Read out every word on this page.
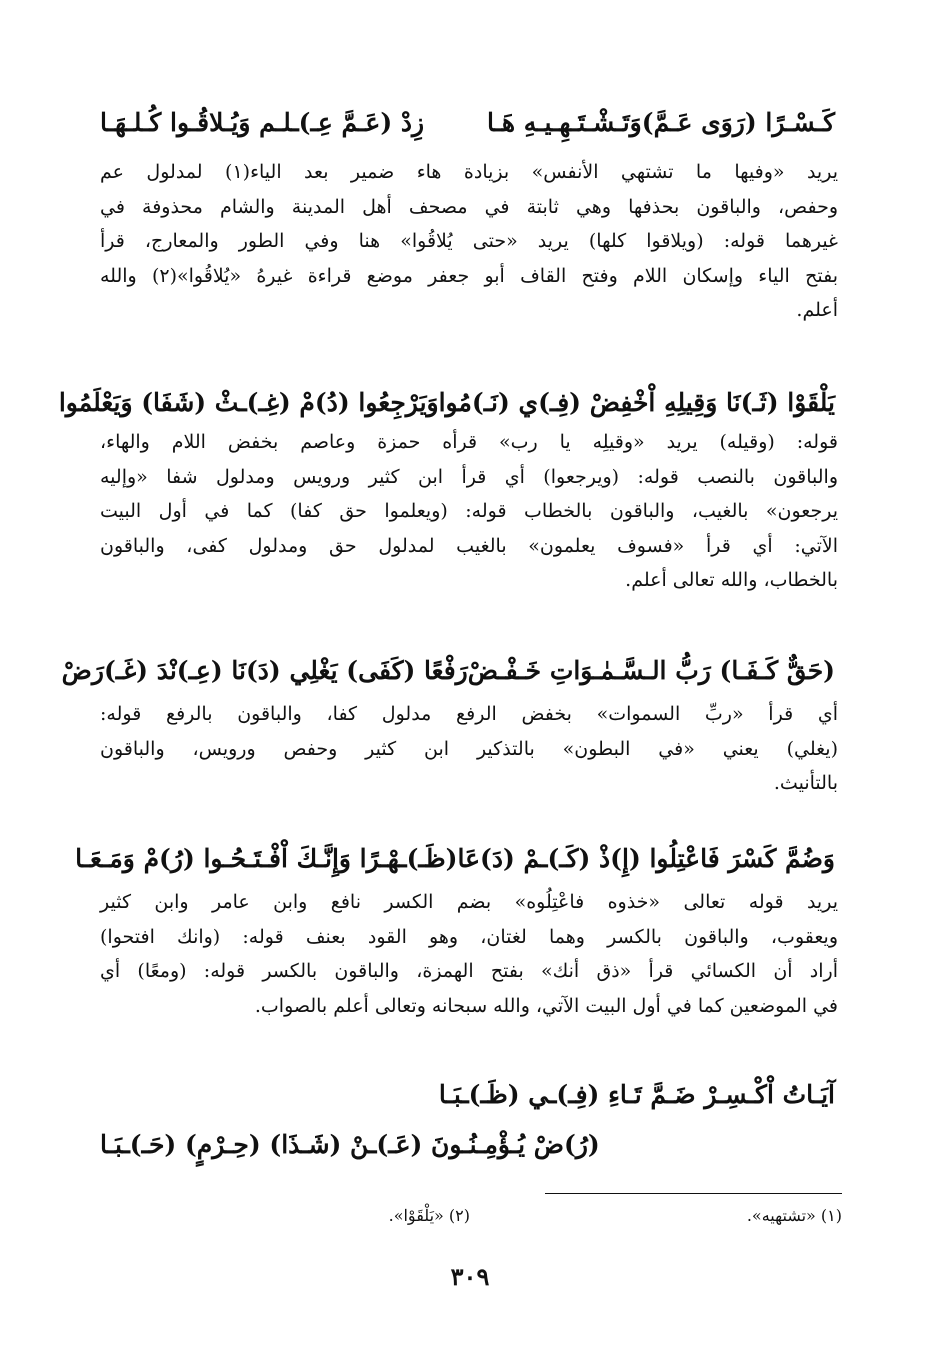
كَـسْـرًا (رَوَى عَـمَّ)وَتَـشْـتَـهِـيـهِ هَـا
زِدْ (عَـمَّ عِـ)ـلـم وَيُـلاقُـوا كُـلـهَـا
يريد «وفيها ما تشتهي الأنفس» بزيادة هاء ضمير بعد الياء(١) لمدلول عم
وحفص، والباقون بحذفها وهي ثابتة في مصحف أهل المدينة والشام محذوفة في
غيرهما قوله: (ويلاقوا كلها) يريد «حتى يُلاقُوا» هنا وفي الطور والمعارج، قرأ
بفتح الياء وإسكان اللام وفتح القاف أبو جعفر موضع قراءة غيرهُ «يُلاقُوا»(٢) والله
أعلم.
يَلْقَوْا (ثَـ)نَا وَقِيلِهِ اْخْفِضْ (فِـ)ي (نَـ)مُوا
وَيَرْجِعُوا (دُ)مْ (غِـ)ـثْ (شَفَا) وَيَعْلَمُوا
قوله: (وقيله) يريد «وقيلِه يا رب» قرأه حمزة وعاصم بخفض اللام والهاء،
والباقون بالنصب قوله: (ويرجعوا) أي قرأ ابن كثير ورويس ومدلول شفا «وإليه
يرجعون» بالغيب، والباقون بالخطاب قوله: (ويعلموا حق كفا) كما في أول البيت
الآتي: أي قرأ «فسوف يعلمون» بالغيب لمدلول حق ومدلول كفى، والباقون
بالخطاب، والله تعالى أعلم.
(حَقٌّ كَـفَـا) رَبُّ الـسَّـمٰـوَاتِ خَـفْـضْ
رَفْعًا (كَفَى) يَغْلِي (دَ)نَا (عِـ)نْدَ (غَـ)رَضْ
أي قرأ «ربِّ السموات» بخفض الرفع مدلول كفا، والباقون بالرفع قوله:
(يغلي) يعني «في البطون» بالتذكير ابن كثير وحفص ورويس، والباقون
بالتأنيث.
وَضُمَّ كَسْرَ فَاعْتِلُوا (إِ)ذْ (كَـ)ـمْ (دَ)عَا
(ظَـ)ـهْـرًا وَإِنَّـكَ اْفْـتَـحُـوا (رُ)مْ وَمَـعَـا
يريد قوله تعالى «خذوه فاعْتِلُوه» بضم الكسر نافع وابن عامر وابن كثير
ويعقوب، والباقون بالكسر وهما لغتان، وهو القود بعنف قوله: (وانك افتحوا)
أراد أن الكسائي قرأ «ذق أنك» بفتح الهمزة، والباقون بالكسر قوله: (ومعًا) أي
في الموضعين كما في أول البيت الآتي، والله سبحانه وتعالى أعلم بالصواب.
آيَـاتُ اْكْـسِـرْ ضَـمَّ تَـاءِ (فِـ)ـي (ظَـ)ـبَـا
(رُ)ضْ يُـؤْمِـنُـونَ (عَـ)ـنْ (شَـذَا) (حِـرْمٍ) (حَـ)ـبَـا
(١) «تشتهيه».
(٢) «يَلْقَوْا».
٣٠٩
